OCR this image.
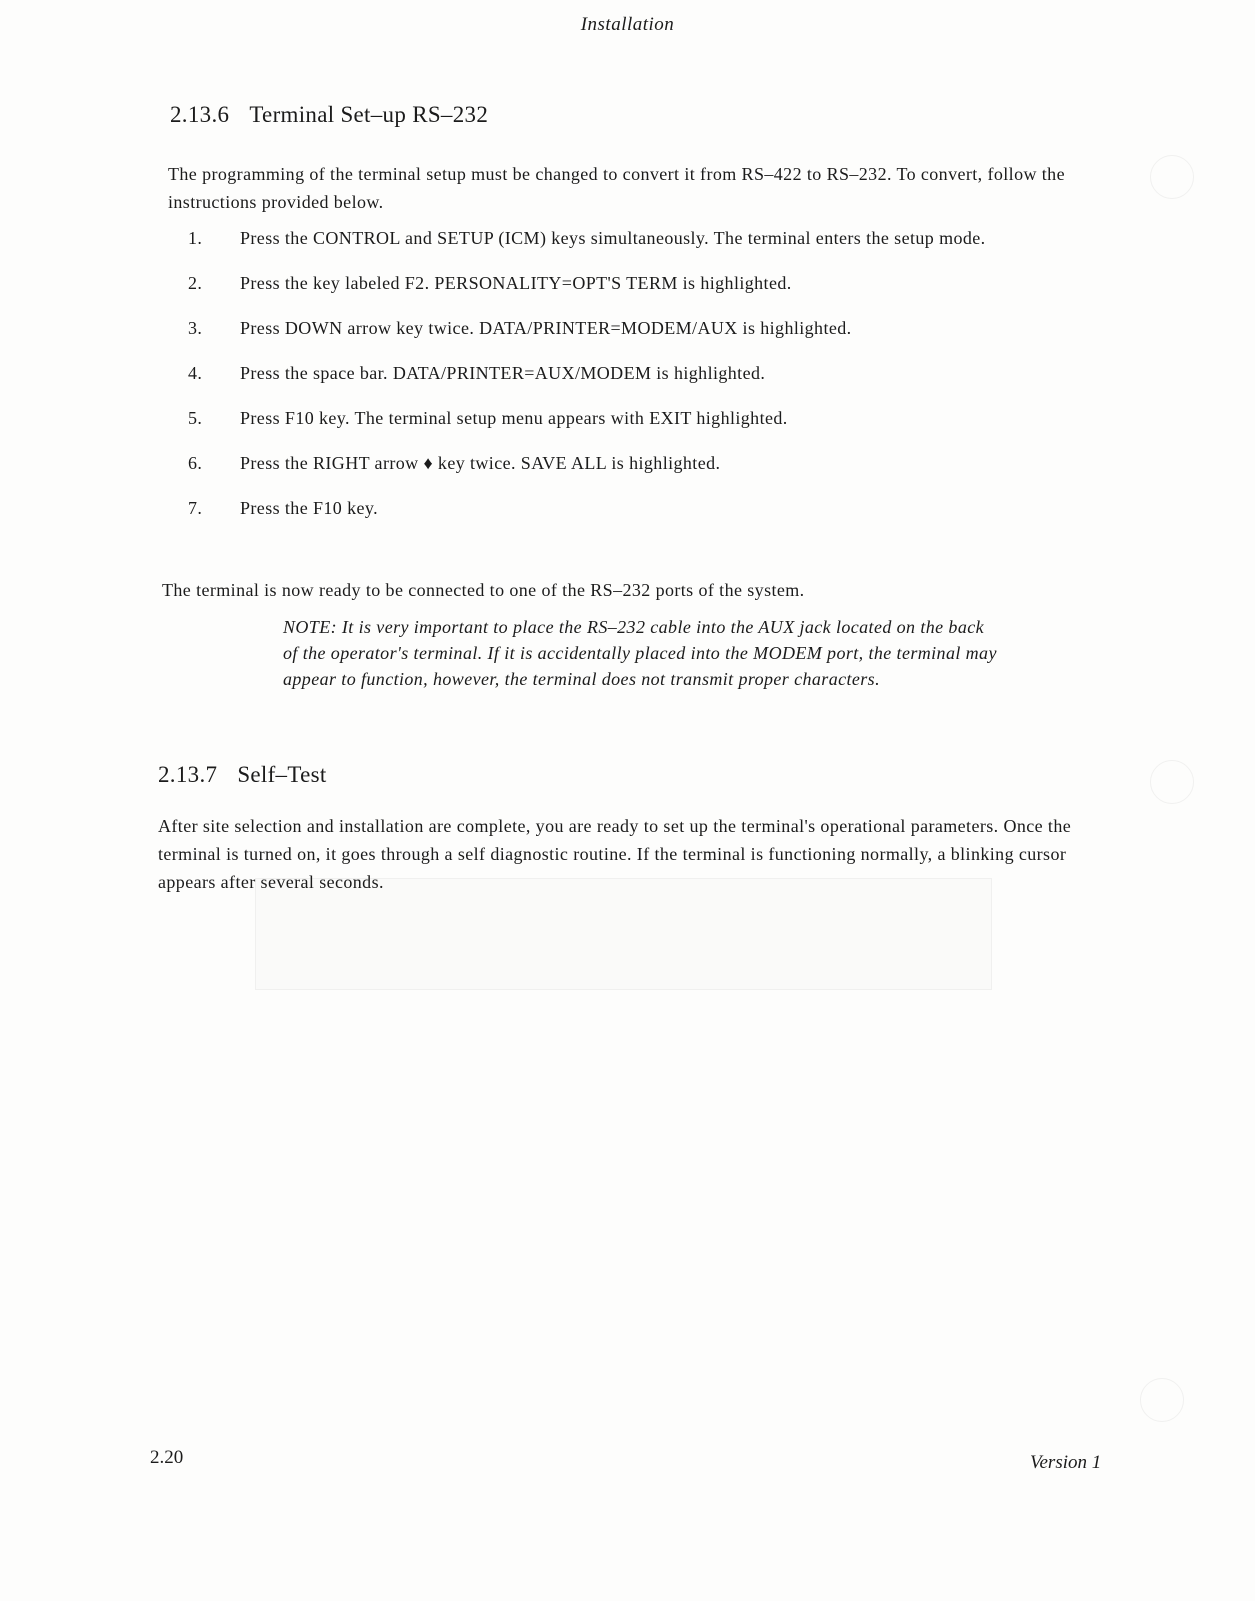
Installation
2.13.6 Terminal Set–up RS–232
The programming of the terminal setup must be changed to convert it from RS–422 to RS–232. To convert, follow the instructions provided below.
1.	Press the CONTROL and SETUP (ICM) keys simultaneously. The terminal enters the setup mode.
2.	Press the key labeled F2. PERSONALITY=OPT'S TERM is highlighted.
3.	Press DOWN arrow key twice. DATA/PRINTER=MODEM/AUX is highlighted.
4.	Press the space bar. DATA/PRINTER=AUX/MODEM is highlighted.
5.	Press F10 key. The terminal setup menu appears with EXIT highlighted.
6.	Press the RIGHT arrow ♦ key twice. SAVE ALL is highlighted.
7.	Press the F10 key.
The terminal is now ready to be connected to one of the RS–232 ports of the system.
NOTE: It is very important to place the RS–232 cable into the AUX jack located on the back of the operator's terminal. If it is accidentally placed into the MODEM port, the terminal may appear to function, however, the terminal does not transmit proper characters.
2.13.7 Self–Test
After site selection and installation are complete, you are ready to set up the terminal's operational parameters. Once the terminal is turned on, it goes through a self diagnostic routine. If the terminal is functioning normally, a blinking cursor appears after several seconds.
2.20	Version 1
